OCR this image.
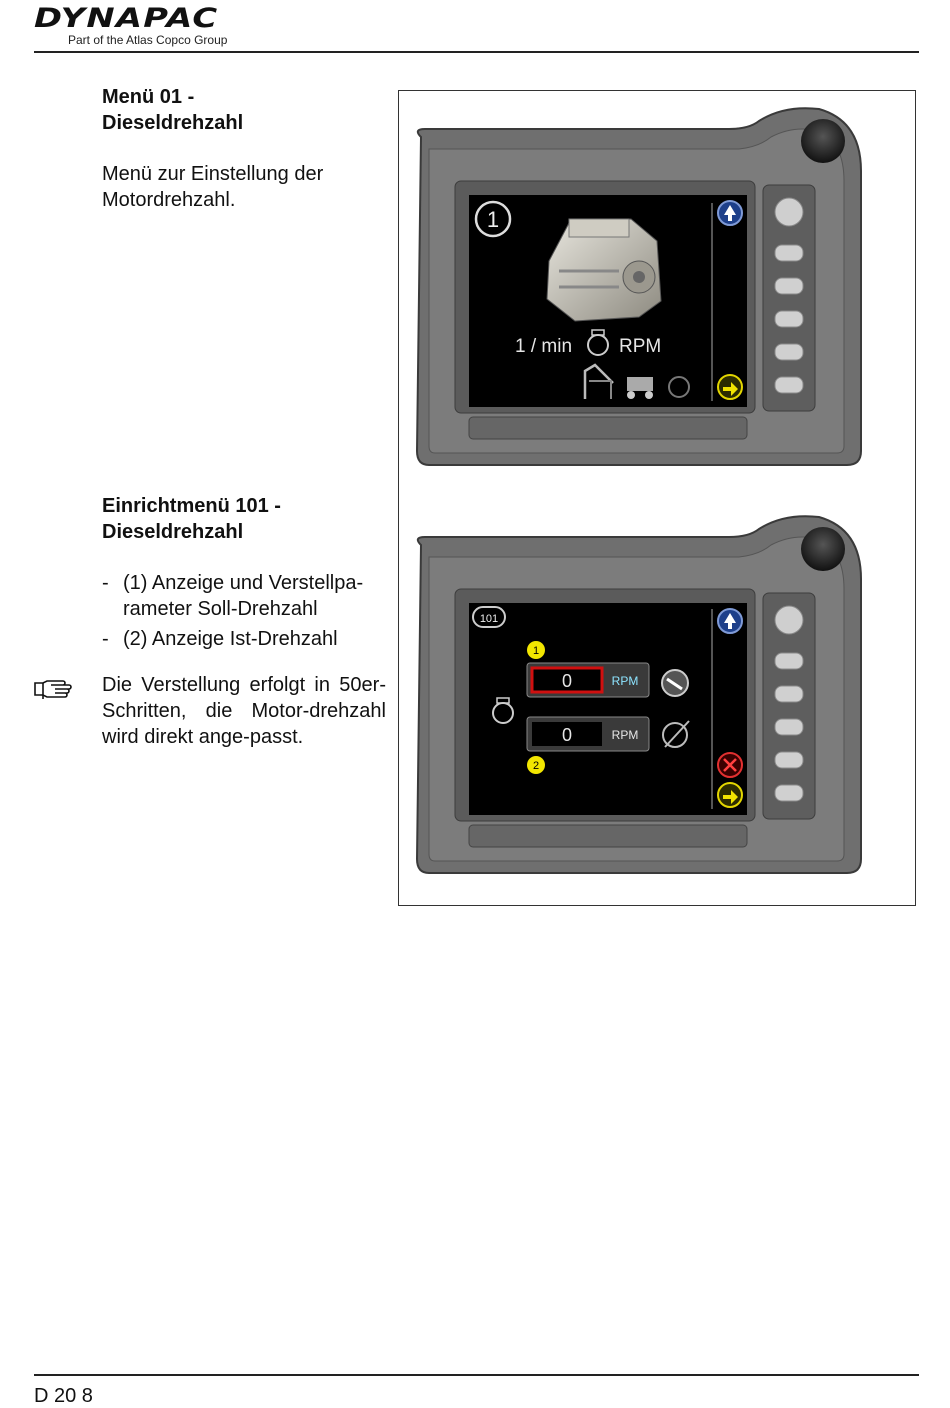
DYNAPAC
Part of the Atlas Copco Group
Menü 01 -
Dieseldrehzahl
Menü zur Einstellung der
Motordrehzahl.
Einrichtmenü 101 -
Dieseldrehzahl
- (1) Anzeige und Verstellpa-
rameter Soll-Drehzahl
- (2) Anzeige Ist-Drehzahl
Die Verstellung erfolgt in 50er-Schritten, die Motor-drehzahl wird direkt ange-passt.
1
1 / min RPM
101
1
0	RPM
0	RPM
2
D 20 8
